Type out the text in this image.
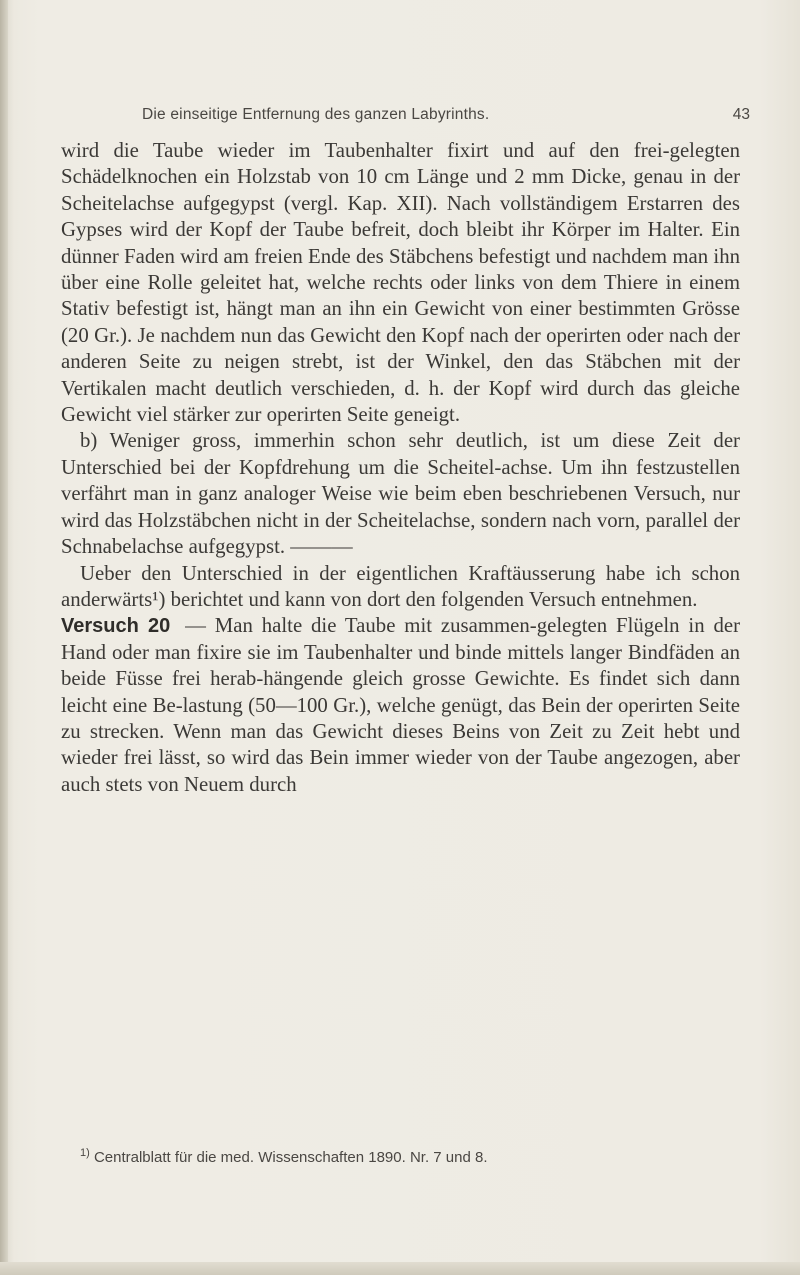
Die einseitige Entfernung des ganzen Labyrinths.	43

wird die Taube wieder im Taubenhalter fixirt und auf den frei-gelegten Schädelknochen ein Holzstab von 10 cm Länge und 2 mm Dicke, genau in der Scheitelachse aufgegypst (vergl. Kap. XII). Nach vollständigem Erstarren des Gypses wird der Kopf der Taube befreit, doch bleibt ihr Körper im Halter. Ein dünner Faden wird am freien Ende des Stäbchens befestigt und nachdem man ihn über eine Rolle geleitet hat, welche rechts oder links von dem Thiere in einem Stativ befestigt ist, hängt man an ihn ein Gewicht von einer bestimmten Grösse (20 Gr.). Je nachdem nun das Gewicht den Kopf nach der operirten oder nach der anderen Seite zu neigen strebt, ist der Winkel, den das Stäbchen mit der Vertikalen macht deutlich verschieden, d. h. der Kopf wird durch das gleiche Gewicht viel stärker zur operirten Seite geneigt.

b) Weniger gross, immerhin schon sehr deutlich, ist um diese Zeit der Unterschied bei der Kopfdrehung um die Scheitel-achse. Um ihn festzustellen verfährt man in ganz analoger Weise wie beim eben beschriebenen Versuch, nur wird das Holzstäbchen nicht in der Scheitelachse, sondern nach vorn, parallel der Schnabelachse aufgegypst. ———

Ueber den Unterschied in der eigentlichen Kraftäusserung habe ich schon anderwärts¹) berichtet und kann von dort den folgenden Versuch entnehmen.

Versuch 20 — Man halte die Taube mit zusammen-gelegten Flügeln in der Hand oder man fixire sie im Taubenhalter und binde mittels langer Bindfäden an beide Füsse frei herab-hängende gleich grosse Gewichte. Es findet sich dann leicht eine Be-lastung (50—100 Gr.), welche genügt, das Bein der operirten Seite zu strecken. Wenn man das Gewicht dieses Beins von Zeit zu Zeit hebt und wieder frei lässt, so wird das Bein immer wieder von der Taube angezogen, aber auch stets von Neuem durch

$^{1)}$ Centralblatt für die med. Wissenschaften 1890. Nr. 7 und 8.
